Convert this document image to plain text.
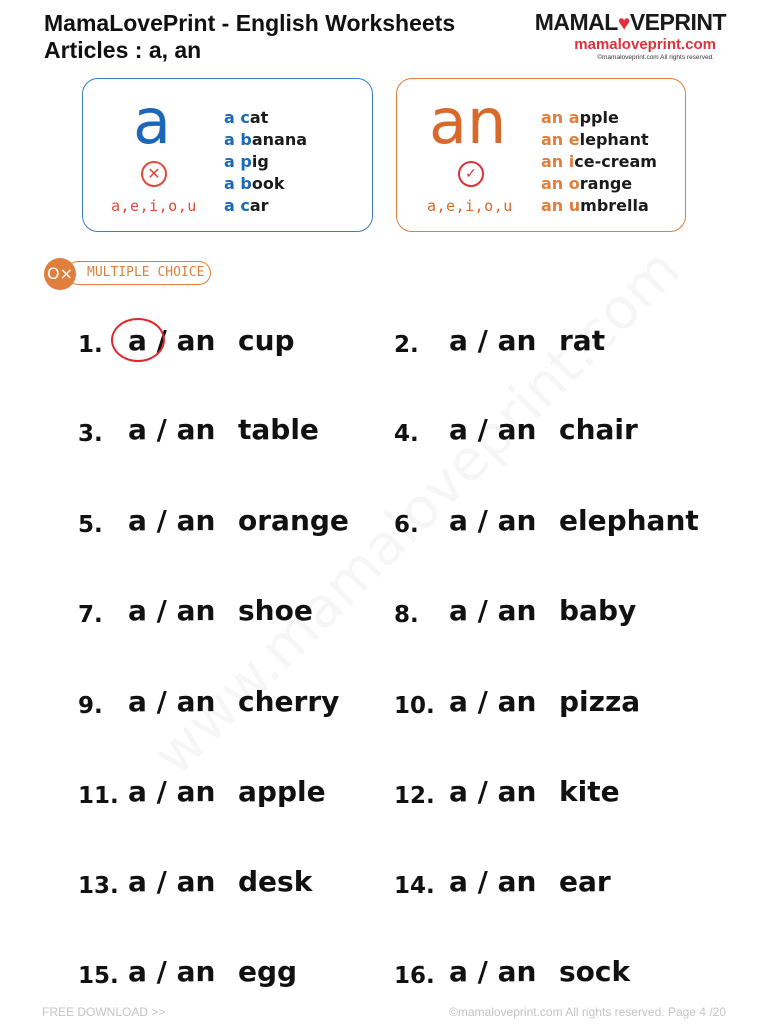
MamaLovePrint - English Worksheets
Articles : a, an
MAMAL♥VEPRINT
mamaloveprint.com
©mamaloveprint.com All rights reserved.
a
✕
a,e,i,o,u
a cat
a banana
a pig
a book
a car
an
✓
a,e,i,o,u
an apple
an elephant
an ice-cream
an orange
an umbrella
MULTIPLE CHOICE
O×
1. a / an cup	2. a / an rat
3. a / an table	4. a / an chair
5. a / an orange 6. a / an elephant
7. a / an shoe	8. a / an baby
9. a / an cherry 10. a / an pizza
11. a / an apple	12. a / an kite
13. a / an desk	14. a / an ear
15. a / an egg	16. a / an sock
FREE DOWNLOAD >>	©mamaloveprint.com All rights reserved. Page 4 /20
